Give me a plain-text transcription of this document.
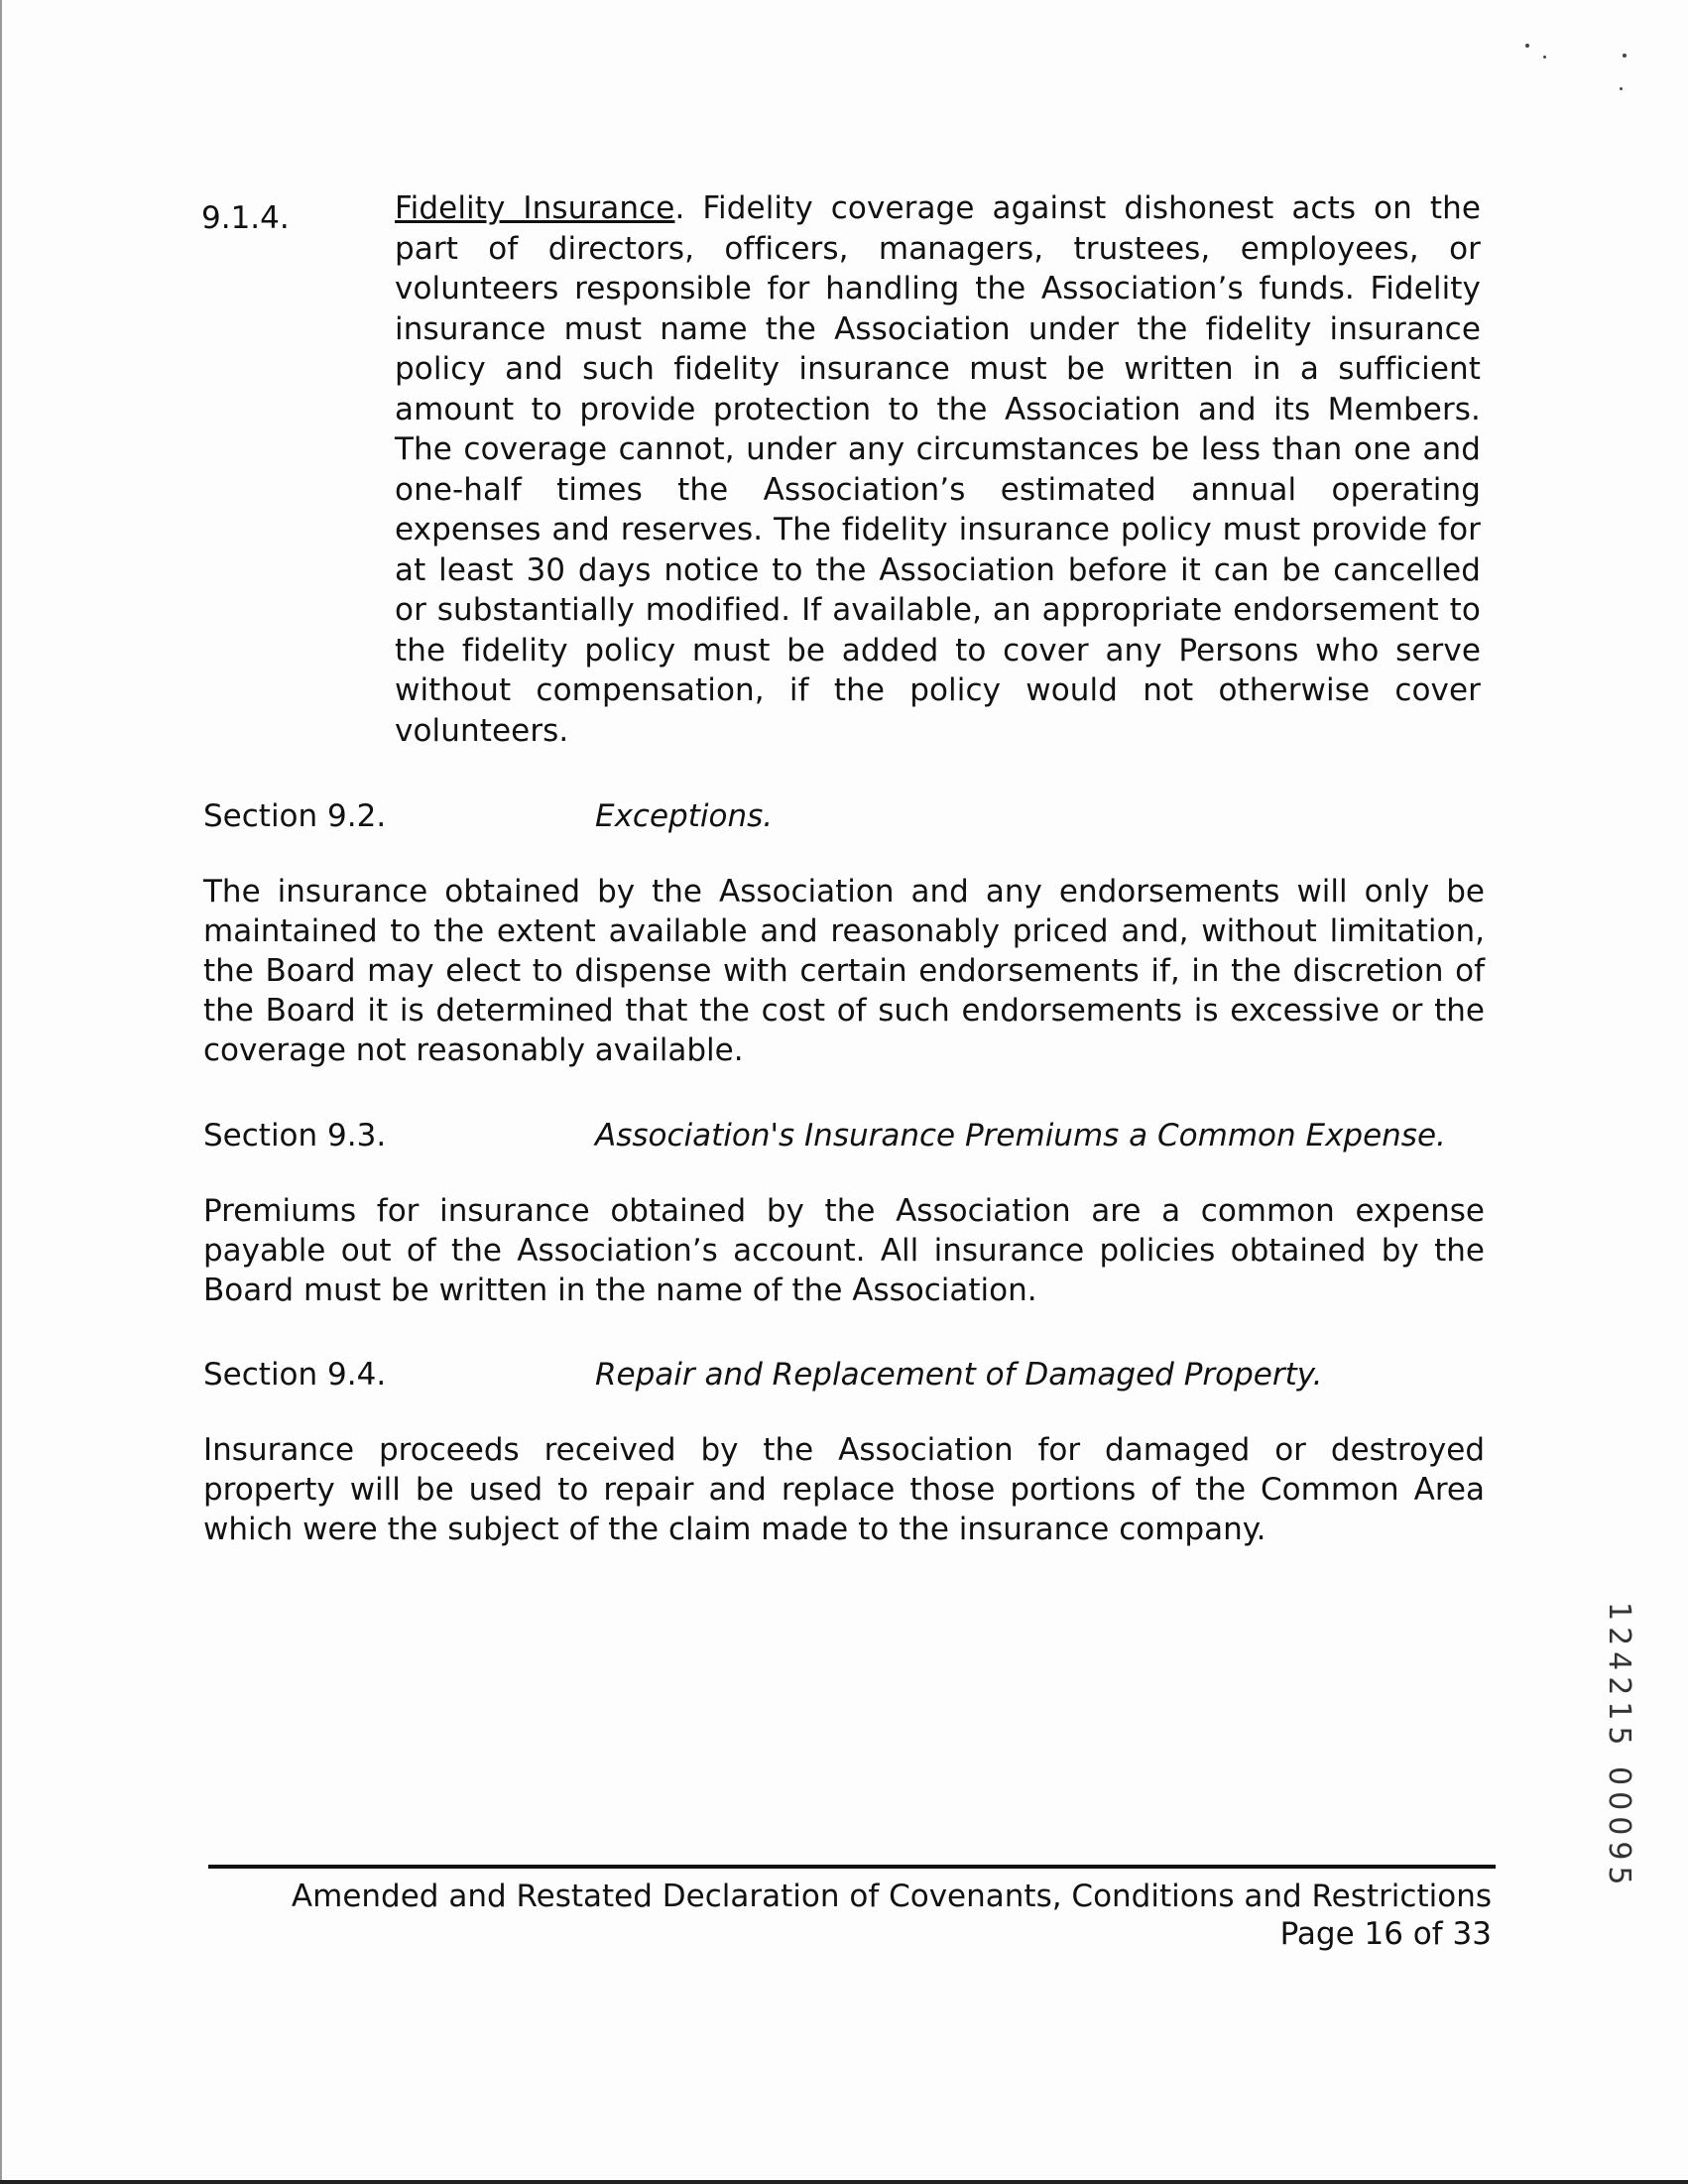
9.1.4.	Fidelity Insurance. Fidelity coverage against dishonest acts on the part of directors, officers, managers, trustees, employees, or volunteers responsible for handling the Association’s funds. Fidelity insurance must name the Association under the fidelity insurance policy and such fidelity insurance must be written in a sufficient amount to provide protection to the Association and its Members. The coverage cannot, under any circumstances be less than one and one-half times the Association’s estimated annual operating expenses and reserves. The fidelity insurance policy must provide for at least 30 days notice to the Association before it can be cancelled or substantially modified. If available, an appropriate endorsement to the fidelity policy must be added to cover any Persons who serve without compensation, if the policy would not otherwise cover volunteers.
Section 9.2.	Exceptions.
The insurance obtained by the Association and any endorsements will only be maintained to the extent available and reasonably priced and, without limitation, the Board may elect to dispense with certain endorsements if, in the discretion of the Board it is determined that the cost of such endorsements is excessive or the coverage not reasonably available.
Section 9.3.	Association's Insurance Premiums a Common Expense.
Premiums for insurance obtained by the Association are a common expense payable out of the Association’s account. All insurance policies obtained by the Board must be written in the name of the Association.
Section 9.4.	Repair and Replacement of Damaged Property.
Insurance proceeds received by the Association for damaged or destroyed property will be used to repair and replace those portions of the Common Area which were the subject of the claim made to the insurance company.
124215 00095
Amended and Restated Declaration of Covenants, Conditions and Restrictions
Page 16 of 33
